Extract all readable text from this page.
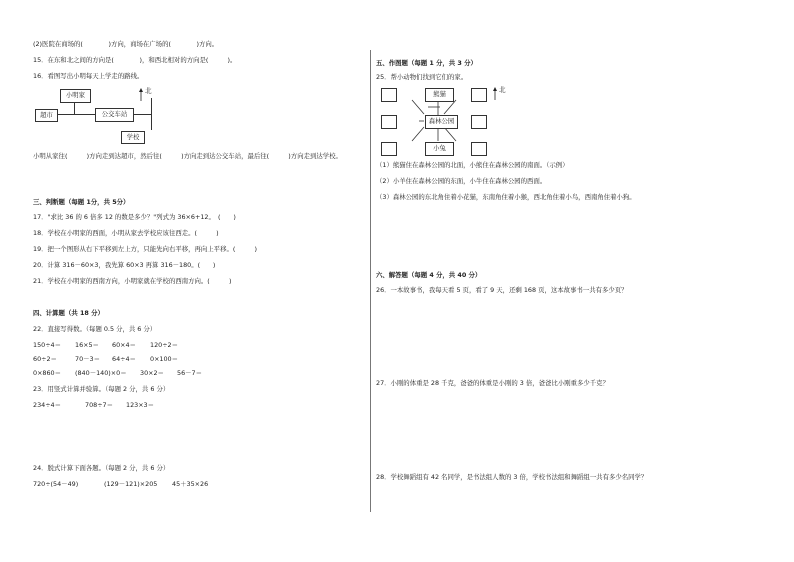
(2)医院在商场的(　　　　)方向，商场在广场的(　　　　)方向。
15．在东和北之间的方向是(　　　　)，和西北相对的方向是(　　　)。
16．看图写出小明每天上学走的路线。
小明家
超市	公交车站
学校
北
小明从家往(　　　)方向走到达超市，然后往(　　　)方向走到达公交车站，最后往(　　　)方向走到达学校。
三、判断题（每题 1分，共 5分）
17．"求比 36 的 6 倍多 12 的数是多少？"列式为 36×6+12。　(　　)
18．学校在小明家的西面，小明从家去学校应该往西走。(　　　)
19．把一个图形从右下平移到左上方，只能先向右平移，再向上平移。(　　　)
20．计算 316－60×3，我先算 60×3 再算 316－180。(　　)
21．学校在小明家的西南方向，小明家就在学校的西南方向。(　　　)
四、计算题（共 18 分）
22．直接写得数。（每题 0.5 分，共 6 分）
150÷4＝ 16×5＝ 60×4＝ 120÷2＝
60÷2＝	70－3＝ 64÷4＝ 0×100＝
0×860＝ (840－140)×0＝ 30×2＝ 56－7＝
23．用竖式计算并验算。（每题 2 分，共 6 分）
234÷4＝	708÷7＝ 123×3＝
24．脱式计算下面各题。（每题 2 分，共 6 分）
720÷(54－49)	(129－121)×205 45＋35×26
五、作图题（每题 1 分，共 3 分）
25．帮小动物们找到它们的家。
熊猫
森林公园
小兔
北
（1）熊猫住在森林公园的北面，小熊住在森林公园的南面。（示例）
（2）小羊住在森林公园的东面，小牛住在森林公园的西面。
（3）森林公园的东北角住着小花猫，东南角住着小猴，西北角住着小鸟，西南角住着小狗。
六、解答题（每题 4 分，共 40 分）
26．一本故事书，我每天看 5 页，看了 9 天，还剩 168 页，这本故事书一共有多少页？
27．小刚的体重是 28 千克，爸爸的体重是小刚的 3 倍，爸爸比小刚重多少千克？
28．学校舞蹈组有 42 名同学，是书法组人数的 3 倍，学校书法组和舞蹈组一共有多少名同学？
